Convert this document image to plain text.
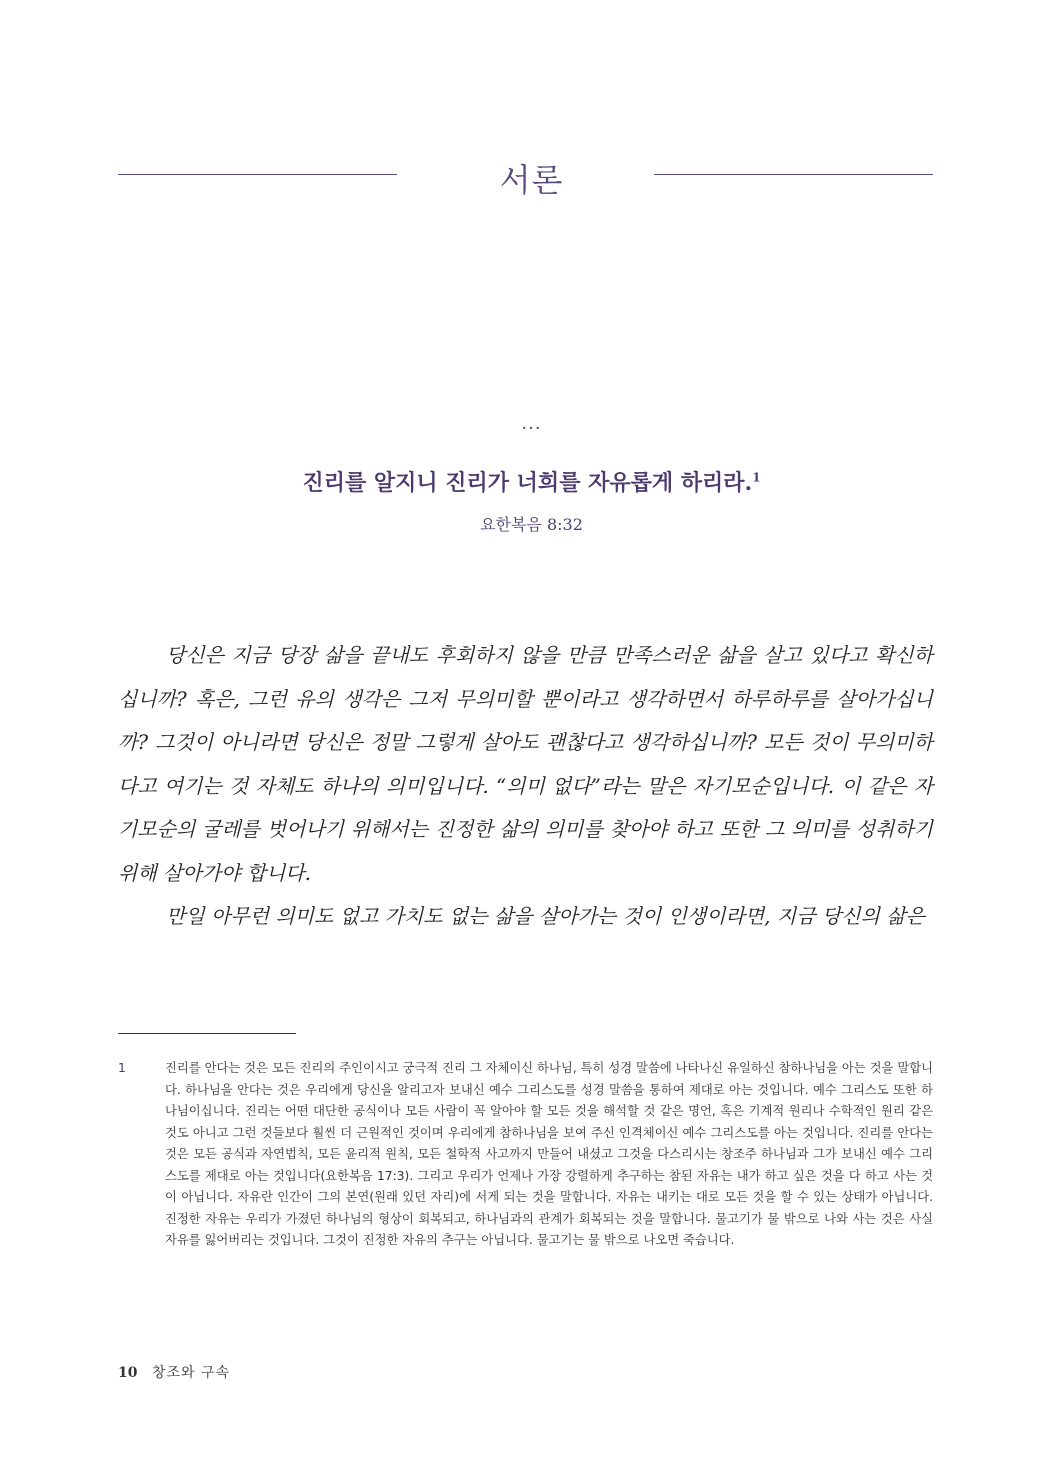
서론
···
진리를 알지니 진리가 너희를 자유롭게 하리라.$^1$
요한복음 8:32

당신은 지금 당장 삶을 끝내도 후회하지 않을 만큼 만족스러운 삶을 살고 있다고 확신하십니까? 혹은, 그런 유의 생각은 그저 무의미할 뿐이라고 생각하면서 하루하루를 살아가십니까? 그것이 아니라면 당신은 정말 그렇게 살아도 괜찮다고 생각하십니까? 모든 것이 무의미하다고 여기는 것 자체도 하나의 의미입니다. “의미 없다”라는 말은 자기모순입니다. 이 같은 자기모순의 굴레를 벗어나기 위해서는 진정한 삶의 의미를 찾아야 하고 또한 그 의미를 성취하기 위해 살아가야 합니다.

만일 아무런 의미도 없고 가치도 없는 삶을 살아가는 것이 인생이라면, 지금 당신의 삶은

1	진리를 안다는 것은 모든 진리의 주인이시고 궁극적 진리 그 자체이신 하나님, 특히 성경 말씀에 나타나신 유일하신 참하나님을 아는 것을 말합니다. 하나님을 안다는 것은 우리에게 당신을 알리고자 보내신 예수 그리스도를 성경 말씀을 통하여 제대로 아는 것입니다. 예수 그리스도 또한 하나님이십니다. 진리는 어떤 대단한 공식이나 모든 사람이 꼭 알아야 할 모든 것을 해석할 것 같은 명언, 혹은 기계적 원리나 수학적인 원리 같은 것도 아니고 그런 것들보다 훨씬 더 근원적인 것이며 우리에게 참하나님을 보여 주신 인격체이신 예수 그리스도를 아는 것입니다. 진리를 안다는 것은 모든 공식과 자연법칙, 모든 윤리적 원칙, 모든 철학적 사고까지 만들어 내셨고 그것을 다스리시는 창조주 하나님과 그가 보내신 예수 그리스도를 제대로 아는 것입니다(요한복음 17:3). 그리고 우리가 언제나 가장 강렬하게 추구하는 참된 자유는 내가 하고 싶은 것을 다 하고 사는 것이 아닙니다. 자유란 인간이 그의 본연(원래 있던 자리)에 서게 되는 것을 말합니다. 자유는 내키는 대로 모든 것을 할 수 있는 상태가 아닙니다. 진정한 자유는 우리가 가졌던 하나님의 형상이 회복되고, 하나님과의 관계가 회복되는 것을 말합니다. 물고기가 물 밖으로 나와 사는 것은 사실 자유를 잃어버리는 것입니다. 그것이 진정한 자유의 추구는 아닙니다. 물고기는 물 밖으로 나오면 죽습니다.
10 창조와 구속
